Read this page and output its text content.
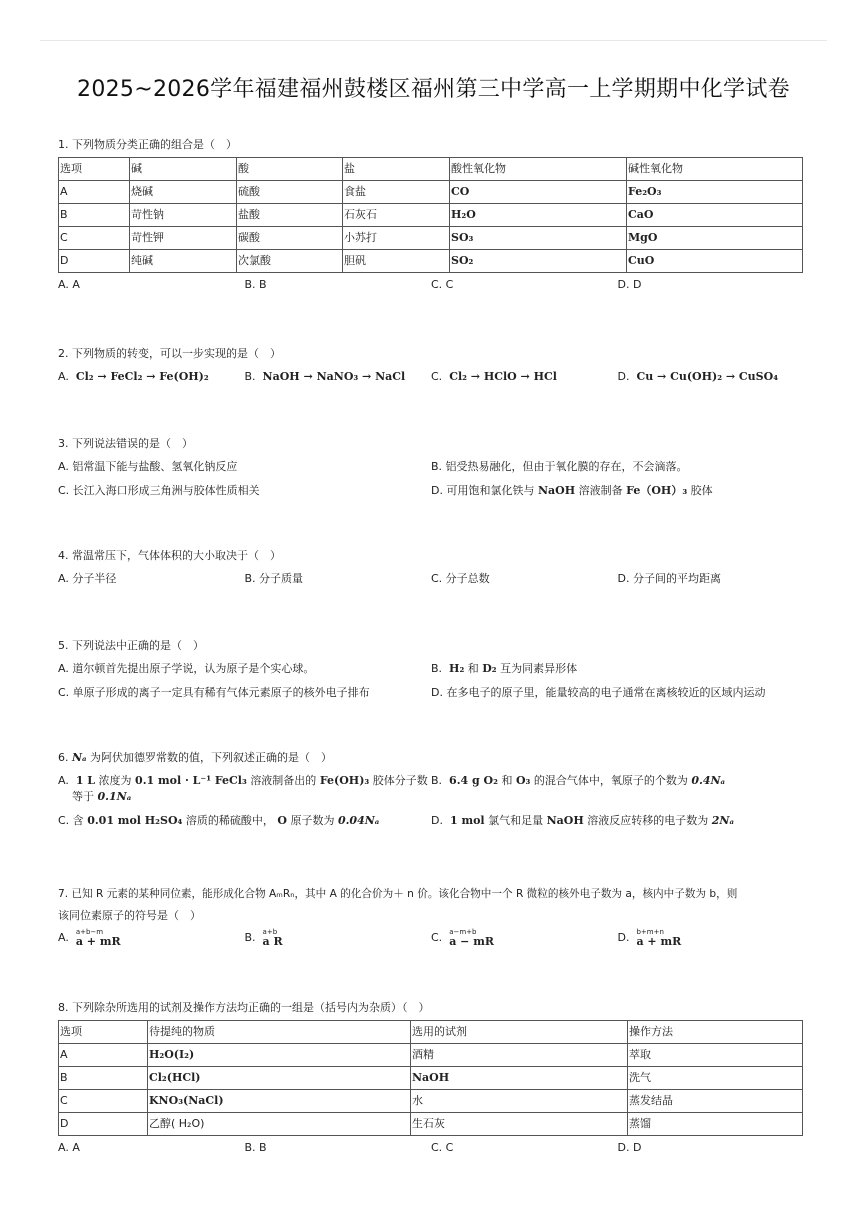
2025~2026学年福建福州鼓楼区福州第三中学高一上学期期中化学试卷

1. 下列物质分类正确的组合是（　）

选项	碱	酸	盐	酸性氧化物	碱性氧化物
A	烧碱	硫酸	食盐	CO	Fe₂O₃
B	苛性钠	盐酸	石灰石	H₂O	CaO
C	苛性钾	碳酸	小苏打	SO₃	MgO
D	纯碱	次氯酸	胆矾	SO₂	CuO
A. A	B. B	C. C	D. D

2. 下列物质的转变，可以一步实现的是（　）

A. Cl₂ → FeCl₂ → Fe(OH)₂	B. NaOH → NaNO₃ → NaCl	C. Cl₂ → HClO → HCl	D. Cu → Cu(OH)₂ → CuSO₄

3. 下列说法错误的是（　）

A. 铝常温下能与盐酸、氢氧化钠反应	B. 铝受热易融化，但由于氧化膜的存在，不会滴落。
C. 长江入海口形成三角洲与胶体性质相关	D. 可用饱和氯化铁与 NaOH 溶液制备 Fe（OH）₃ 胶体

4. 常温常压下，气体体积的大小取决于（　）

A. 分子半径	B. 分子质量	C. 分子总数	D. 分子间的平均距离

5. 下列说法中正确的是（　）

A. 道尔顿首先提出原子学说，认为原子是个实心球。	B. H₂ 和 D₂ 互为同素异形体
C. 单原子形成的离子一定具有稀有气体元素原子的核外电子排布	D. 在多电子的原子里，能量较高的电子通常在离核较近的区域内运动

6. Nₐ 为阿伏加德罗常数的值，下列叙述正确的是（　）

A. 1 L 浓度为 0.1 mol · L⁻¹ FeCl₃ 溶液制备出的 Fe(OH)₃ 胶体分子数
等于 0.1Nₐ
B. 6.4 g O₂ 和 O₃ 的混合气体中，氧原子的个数为 0.4Nₐ
C. 含 0.01 mol H₂SO₄ 溶质的稀硫酸中， O 原子数为 0.04Nₐ	D. 1 mol 氯气和足量 NaOH 溶液反应转移的电子数为 2Nₐ

7. 已知 R 元素的某种同位素，能形成化合物 AₘRₙ，其中 A 的化合价为＋ n 价。该化合物中一个 R 微粒的核外电子数为 a，核内中子数为 b，则

该同位素原子的符号是（　）

A. a+b−m
a + mR	B. a+b
a R	C. a−m+b
a − mR	D. b+m+n
a + mR

8. 下列除杂所选用的试剂及操作方法均正确的一组是（括号内为杂质）（　）

选项	待提纯的物质	选用的试剂	操作方法
A	H₂O(I₂)	酒精	萃取
B	Cl₂(HCl)	NaOH	洗气
C	KNO₃(NaCl)	水	蒸发结晶
D	乙醇( H₂O)	生石灰	蒸馏
A. A	B. B	C. C	D. D
